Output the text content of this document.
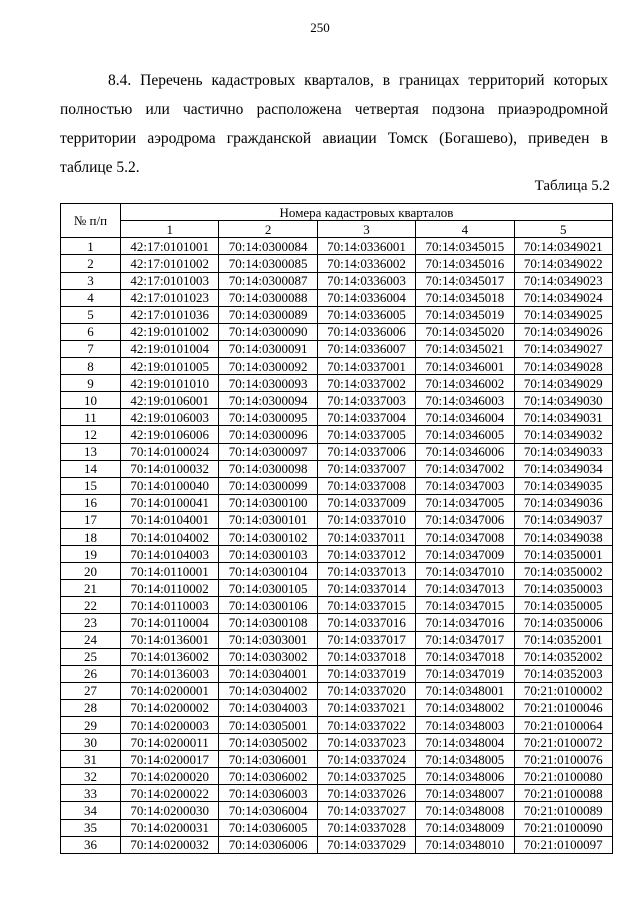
250

8.4. Перечень кадастровых кварталов, в границах территорий которых полностью или частично расположена четвертая подзона приаэродромной территории аэродрома гражданской авиации Томск (Богашево), приведен в таблице 5.2.

Таблица 5.2
№ п/п	Номера кадастровых кварталов				
	1	2	3	4	5
1	42:17:0101001	70:14:0300084	70:14:0336001	70:14:0345015	70:14:0349021
2	42:17:0101002	70:14:0300085	70:14:0336002	70:14:0345016	70:14:0349022
3	42:17:0101003	70:14:0300087	70:14:0336003	70:14:0345017	70:14:0349023
4	42:17:0101023	70:14:0300088	70:14:0336004	70:14:0345018	70:14:0349024
5	42:17:0101036	70:14:0300089	70:14:0336005	70:14:0345019	70:14:0349025
6	42:19:0101002	70:14:0300090	70:14:0336006	70:14:0345020	70:14:0349026
7	42:19:0101004	70:14:0300091	70:14:0336007	70:14:0345021	70:14:0349027
8	42:19:0101005	70:14:0300092	70:14:0337001	70:14:0346001	70:14:0349028
9	42:19:0101010	70:14:0300093	70:14:0337002	70:14:0346002	70:14:0349029
10	42:19:0106001	70:14:0300094	70:14:0337003	70:14:0346003	70:14:0349030
11	42:19:0106003	70:14:0300095	70:14:0337004	70:14:0346004	70:14:0349031
12	42:19:0106006	70:14:0300096	70:14:0337005	70:14:0346005	70:14:0349032
13	70:14:0100024	70:14:0300097	70:14:0337006	70:14:0346006	70:14:0349033
14	70:14:0100032	70:14:0300098	70:14:0337007	70:14:0347002	70:14:0349034
15	70:14:0100040	70:14:0300099	70:14:0337008	70:14:0347003	70:14:0349035
16	70:14:0100041	70:14:0300100	70:14:0337009	70:14:0347005	70:14:0349036
17	70:14:0104001	70:14:0300101	70:14:0337010	70:14:0347006	70:14:0349037
18	70:14:0104002	70:14:0300102	70:14:0337011	70:14:0347008	70:14:0349038
19	70:14:0104003	70:14:0300103	70:14:0337012	70:14:0347009	70:14:0350001
20	70:14:0110001	70:14:0300104	70:14:0337013	70:14:0347010	70:14:0350002
21	70:14:0110002	70:14:0300105	70:14:0337014	70:14:0347013	70:14:0350003
22	70:14:0110003	70:14:0300106	70:14:0337015	70:14:0347015	70:14:0350005
23	70:14:0110004	70:14:0300108	70:14:0337016	70:14:0347016	70:14:0350006
24	70:14:0136001	70:14:0303001	70:14:0337017	70:14:0347017	70:14:0352001
25	70:14:0136002	70:14:0303002	70:14:0337018	70:14:0347018	70:14:0352002
26	70:14:0136003	70:14:0304001	70:14:0337019	70:14:0347019	70:14:0352003
27	70:14:0200001	70:14:0304002	70:14:0337020	70:14:0348001	70:21:0100002
28	70:14:0200002	70:14:0304003	70:14:0337021	70:14:0348002	70:21:0100046
29	70:14:0200003	70:14:0305001	70:14:0337022	70:14:0348003	70:21:0100064
30	70:14:0200011	70:14:0305002	70:14:0337023	70:14:0348004	70:21:0100072
31	70:14:0200017	70:14:0306001	70:14:0337024	70:14:0348005	70:21:0100076
32	70:14:0200020	70:14:0306002	70:14:0337025	70:14:0348006	70:21:0100080
33	70:14:0200022	70:14:0306003	70:14:0337026	70:14:0348007	70:21:0100088
34	70:14:0200030	70:14:0306004	70:14:0337027	70:14:0348008	70:21:0100089
35	70:14:0200031	70:14:0306005	70:14:0337028	70:14:0348009	70:21:0100090
36	70:14:0200032	70:14:0306006	70:14:0337029	70:14:0348010	70:21:0100097
